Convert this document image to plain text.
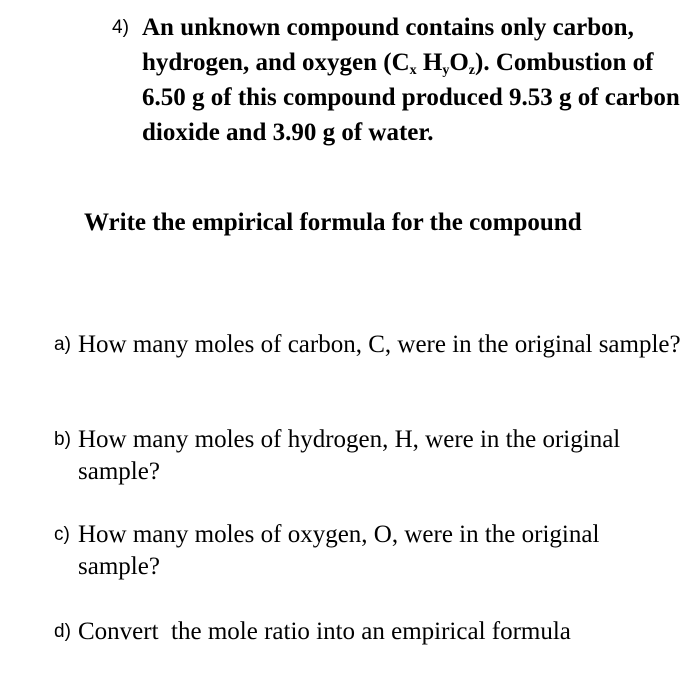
4) An unknown compound contains only carbon, hydrogen, and oxygen ($C_x$ $H_yO_z$). Combustion of 6.50 g of this compound produced 9.53 g of carbon dioxide and 3.90 g of water.
Write the empirical formula for the compound
a) How many moles of carbon, C, were in the original sample?
b) How many moles of hydrogen, H, were in the original sample?
c) How many moles of oxygen, O, were in the original sample?
d) Convert  the mole ratio into an empirical formula
